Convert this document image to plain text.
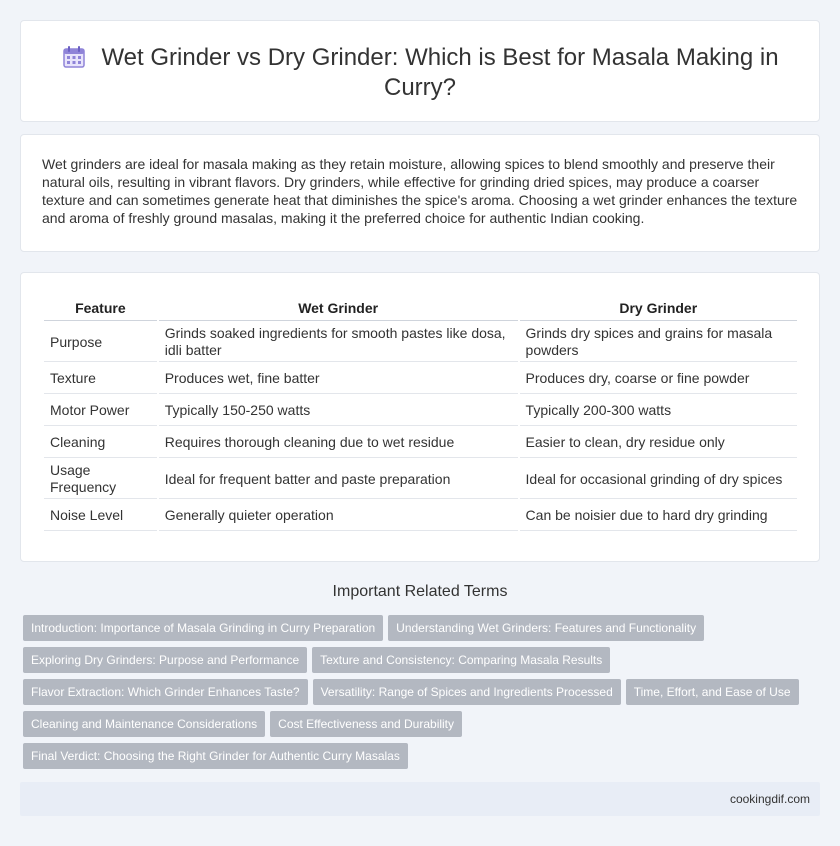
Wet Grinder vs Dry Grinder: Which is Best for Masala Making in Curry?

Wet grinders are ideal for masala making as they retain moisture, allowing spices to blend smoothly and preserve their natural oils, resulting in vibrant flavors. Dry grinders, while effective for grinding dried spices, may produce a coarser texture and can sometimes generate heat that diminishes the spice's aroma. Choosing a wet grinder enhances the texture and aroma of freshly ground masalas, making it the preferred choice for authentic Indian cooking.

Feature	Wet Grinder	Dry Grinder
Purpose	Grinds soaked ingredients for smooth pastes like dosa, idli batter	Grinds dry spices and grains for masala powders
Texture	Produces wet, fine batter	Produces dry, coarse or fine powder
Motor Power	Typically 150-250 watts	Typically 200-300 watts
Cleaning	Requires thorough cleaning due to wet residue	Easier to clean, dry residue only
Usage Frequency	Ideal for frequent batter and paste preparation	Ideal for occasional grinding of dry spices
Noise Level	Generally quieter operation	Can be noisier due to hard dry grinding
Important Related Terms
Introduction: Importance of Masala Grinding in Curry Preparation Understanding Wet Grinders: Features and Functionality
Exploring Dry Grinders: Purpose and Performance Texture and Consistency: Comparing Masala Results
Flavor Extraction: Which Grinder Enhances Taste? Versatility: Range of Spices and Ingredients Processed Time, Effort, and Ease of Use
Cleaning and Maintenance Considerations Cost Effectiveness and Durability
Final Verdict: Choosing the Right Grinder for Authentic Curry Masalas
cookingdif.com
